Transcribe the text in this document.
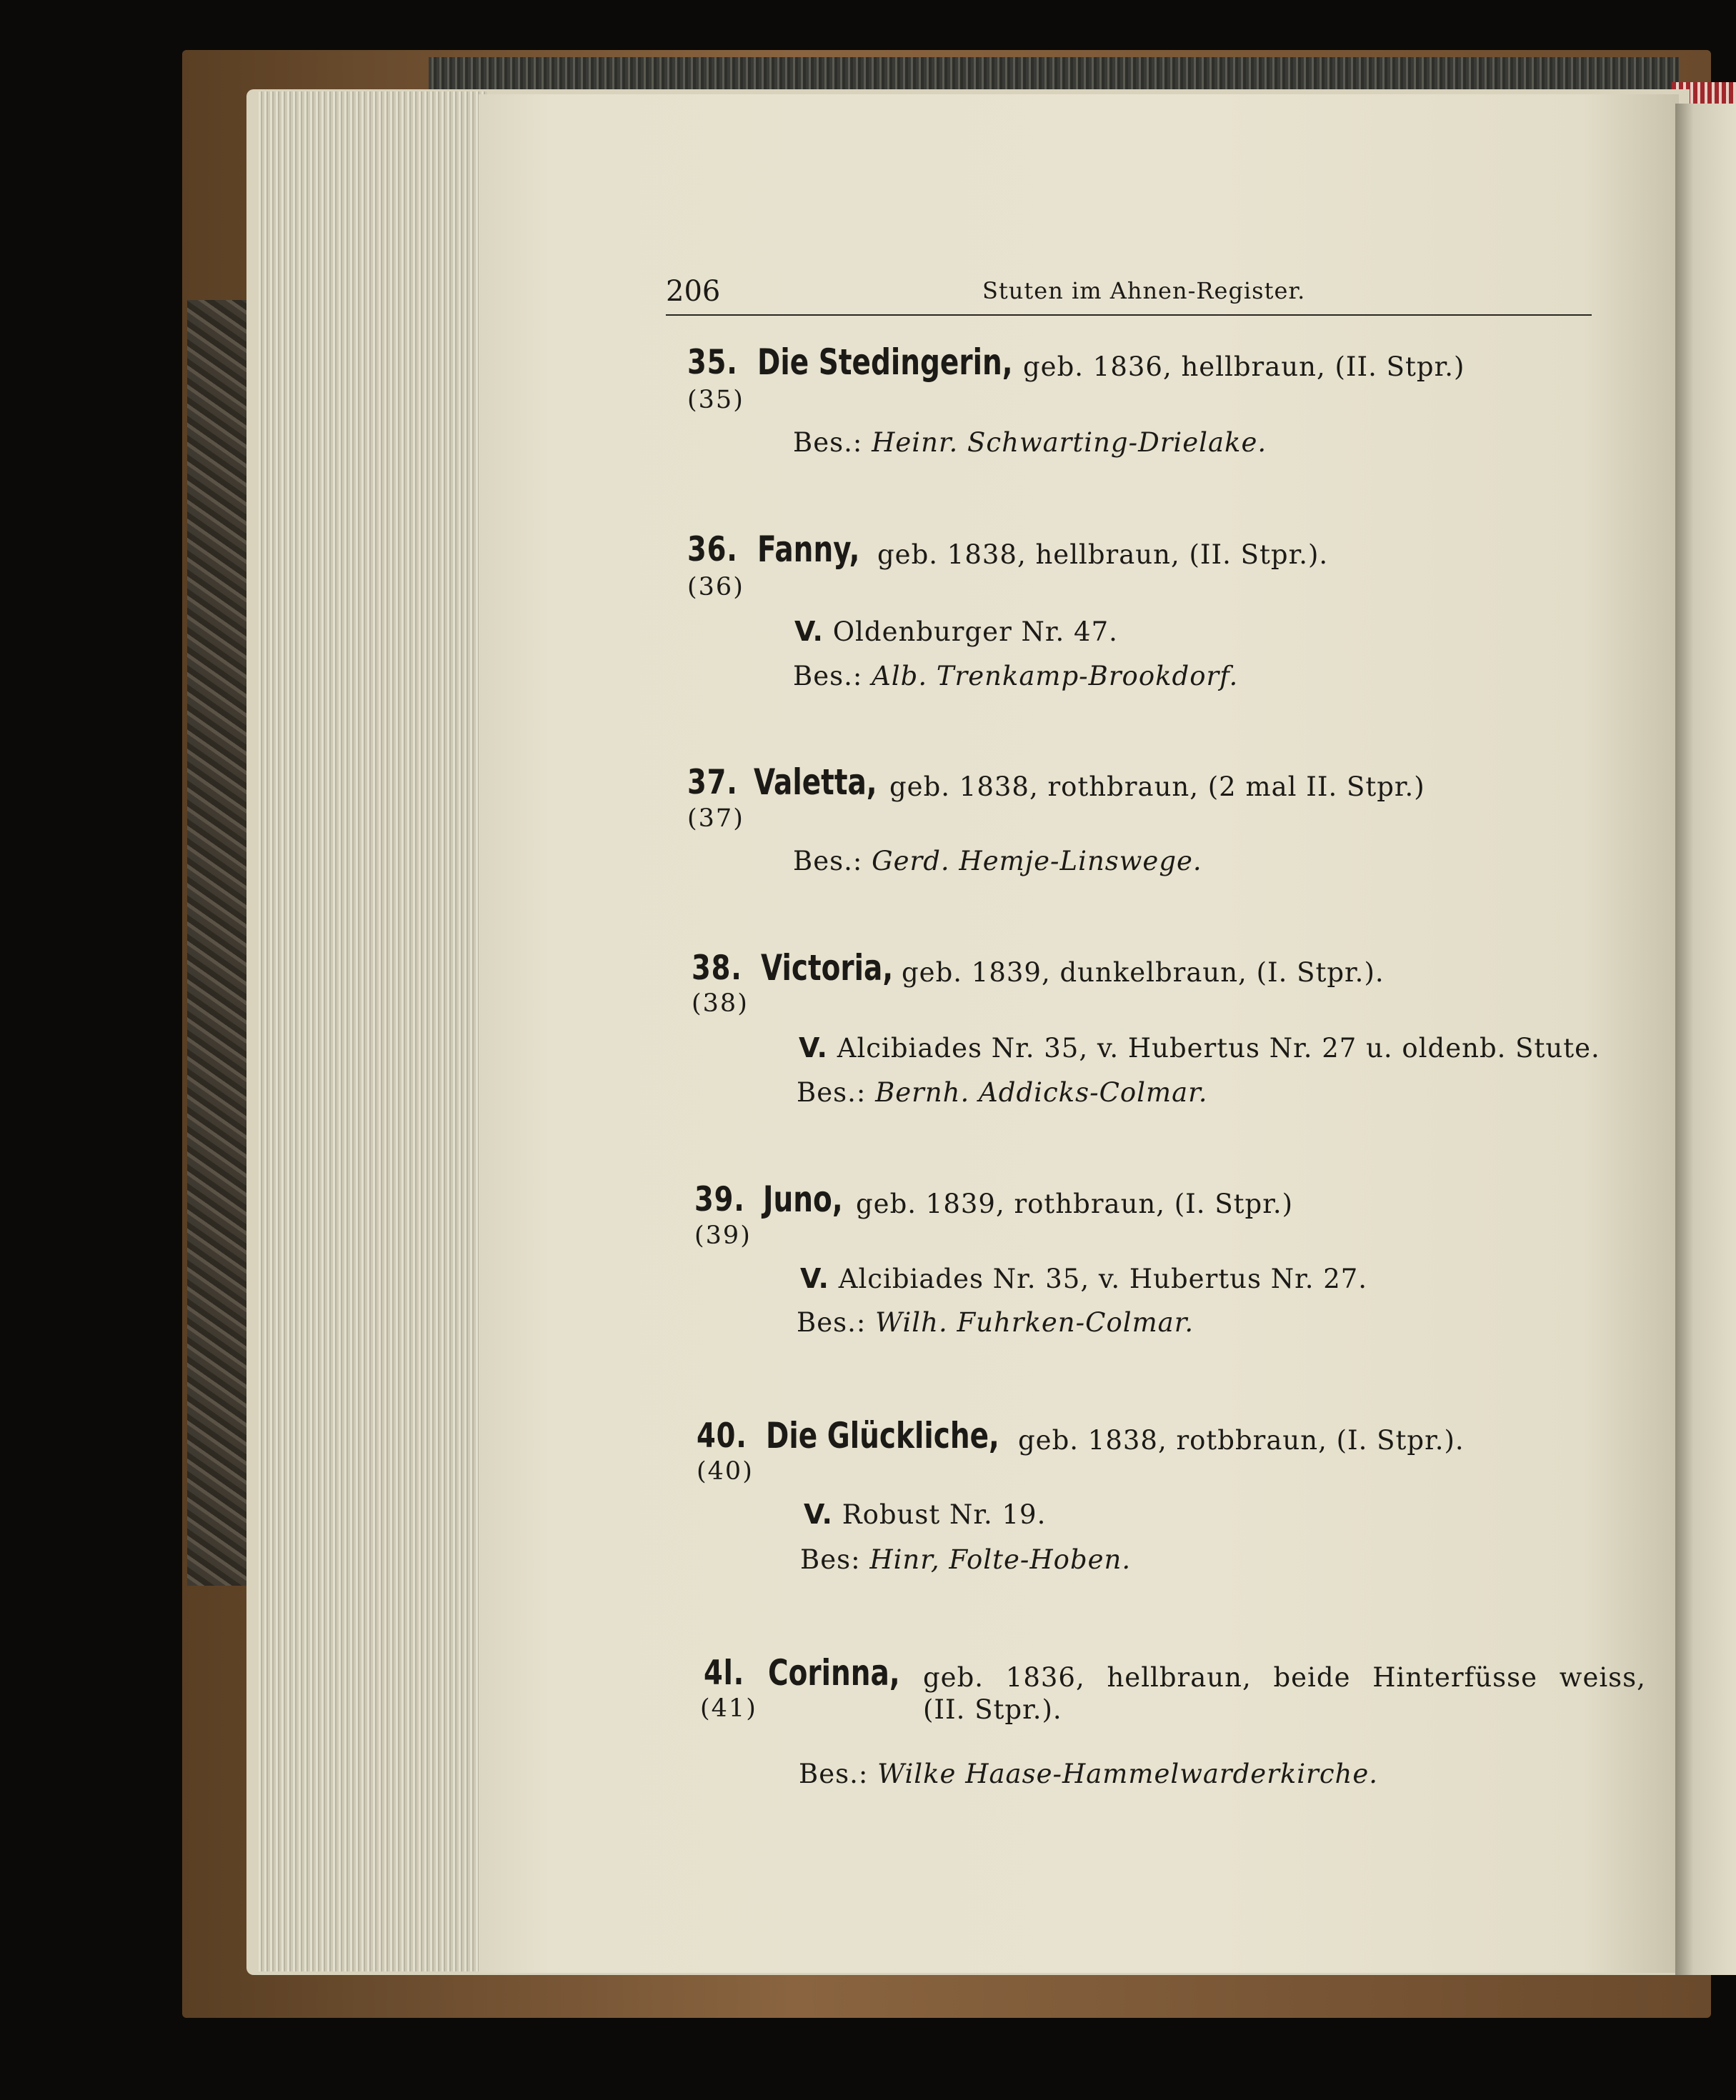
206	Stuten im Ahnen-Register.
35. Die Stedingerin, geb. 1836, hellbraun, (II. Stpr.)
(35)
Bes.: Heinr. Schwarting-Drielake.
36. Fanny, geb. 1838, hellbraun, (II. Stpr.).
(36)
V. Oldenburger Nr. 47.
Bes.: Alb. Trenkamp-Brookdorf.
37. Valetta, geb. 1838, rothbraun, (2 mal II. Stpr.)
(37)
Bes.: Gerd. Hemje-Linswege.
38. Victoria, geb. 1839, dunkelbraun, (I. Stpr.).
(38)
V. Alcibiades Nr. 35, v. Hubertus Nr. 27 u. oldenb. Stute.
Bes.: Bernh. Addicks-Colmar.
39. Juno, geb. 1839, rothbraun, (I. Stpr.)
(39)
V. Alcibiades Nr. 35, v. Hubertus Nr. 27.
Bes.: Wilh. Fuhrken-Colmar.
40. Die Glückliche, geb. 1838, rotbbraun, (I. Stpr.).
(40)
V. Robust Nr. 19.
Bes: Hinr, Folte-Hoben.
4l. Corinna, geb. 1836, hellbraun, beide Hinterfüsse weiss,
(41)	(II. Stpr.).
Bes.: Wilke Haase-Hammelwarderkirche.
